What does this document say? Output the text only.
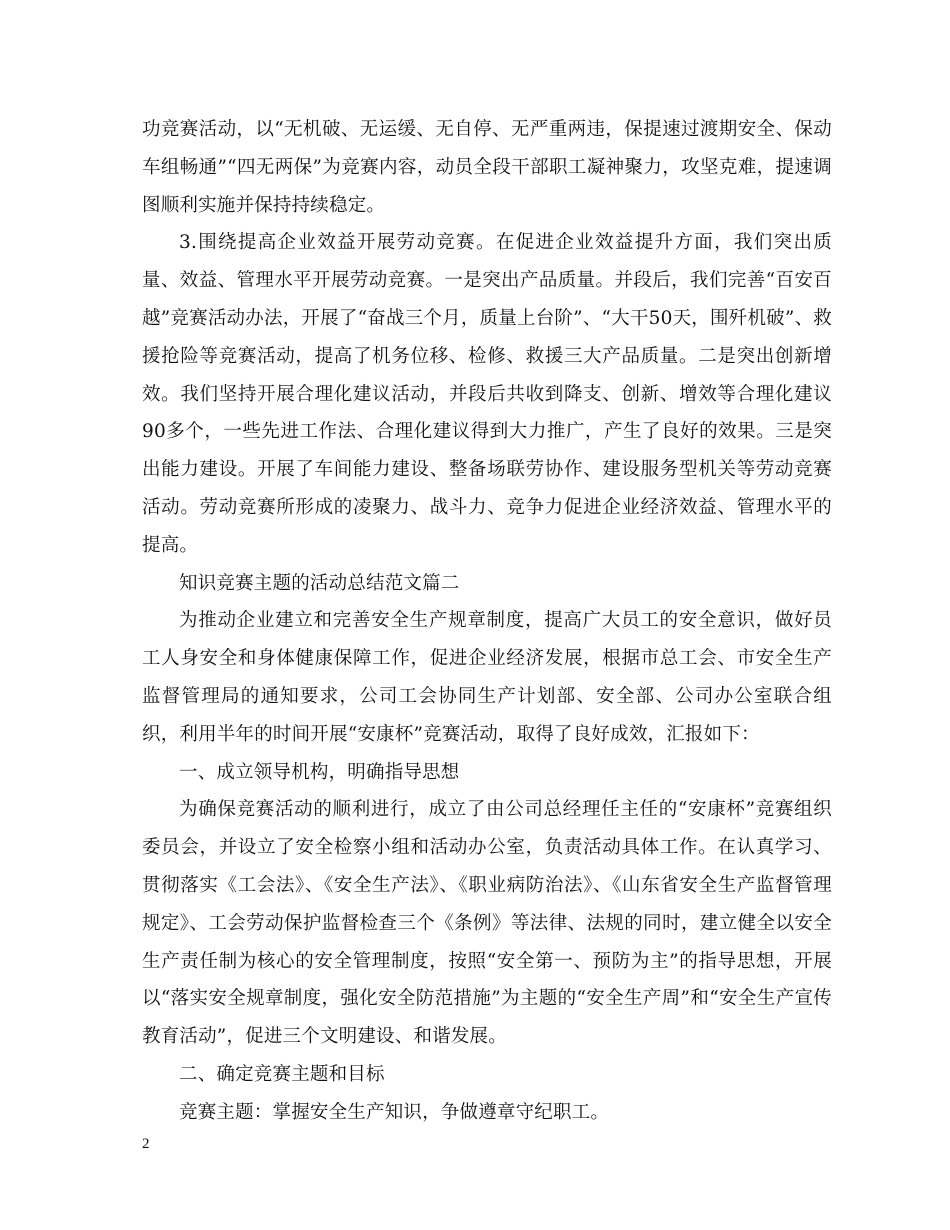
功竞赛活动，以“无机破、无运缓、无自停、无严重两违，保提速过渡期安全、保动车组畅通”“四无两保”为竞赛内容，动员全段干部职工凝神聚力，攻坚克难，提速调图顺利实施并保持持续稳定。

3.围绕提高企业效益开展劳动竞赛。在促进企业效益提升方面，我们突出质量、效益、管理水平开展劳动竞赛。一是突出产品质量。并段后，我们完善“百安百越”竞赛活动办法，开展了“奋战三个月，质量上台阶”、“大干50天，围歼机破”、救援抢险等竞赛活动，提高了机务位移、检修、救援三大产品质量。二是突出创新增效。我们坚持开展合理化建议活动，并段后共收到降支、创新、增效等合理化建议90多个，一些先进工作法、合理化建议得到大力推广，产生了良好的效果。三是突出能力建设。开展了车间能力建设、整备场联劳协作、建设服务型机关等劳动竞赛活动。劳动竞赛所形成的凌聚力、战斗力、竞争力促进企业经济效益、管理水平的提高。

知识竞赛主题的活动总结范文篇二

为推动企业建立和完善安全生产规章制度，提高广大员工的安全意识，做好员工人身安全和身体健康保障工作，促进企业经济发展，根据市总工会、市安全生产监督管理局的通知要求，公司工会协同生产计划部、安全部、公司办公室联合组织，利用半年的时间开展“安康杯”竞赛活动，取得了良好成效，汇报如下：

一、成立领导机构，明确指导思想

为确保竞赛活动的顺利进行，成立了由公司总经理任主任的“安康杯”竞赛组织委员会，并设立了安全检察小组和活动办公室，负责活动具体工作。在认真学习、贯彻落实《工会法》、《安全生产法》、《职业病防治法》、《山东省安全生产监督管理规定》、工会劳动保护监督检查三个《条例》等法律、法规的同时，建立健全以安全生产责任制为核心的安全管理制度，按照“安全第一、预防为主”的指导思想，开展以“落实安全规章制度，强化安全防范措施”为主题的“安全生产周”和“安全生产宣传教育活动”，促进三个文明建设、和谐发展。

二、确定竞赛主题和目标

竞赛主题：掌握安全生产知识，争做遵章守纪职工。

2
